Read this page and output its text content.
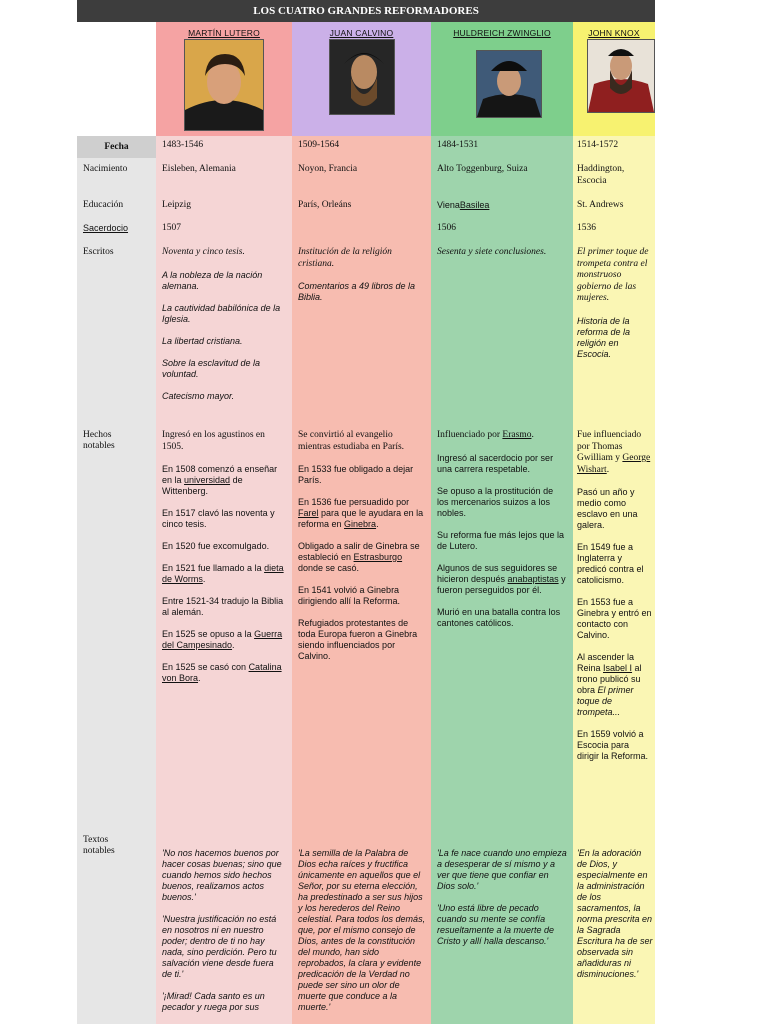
LOS CUATRO GRANDES REFORMADORES
Fecha
Nacimiento
Educación
Sacerdocio
Escritos
Hechos notables
Textos notables
MARTÍN LUTERO
1483-1546
Eisleben, Alemania
Leipzig
1507

Noventa y cinco tesis.

A la nobleza de la nación alemana.

La cautividad babilónica de la Iglesia.

La libertad cristiana.

Sobre la esclavitud de la voluntad.

Catecismo mayor.

Ingresó en los agustinos en 1505.

En 1508 comenzó a enseñar en la universidad de Wittenberg.

En 1517 clavó las noventa y cinco tesis.

En 1520 fue excomulgado.

En 1521 fue llamado a la dieta de Worms.

Entre 1521-34 tradujo la Biblia al alemán.

En 1525 se opuso a la Guerra del Campesinado.

En 1525 se casó con Catalina von Bora.

'No nos hacemos buenos por hacer cosas buenas; sino que cuando hemos sido hechos buenos, realizamos actos buenos.'

'Nuestra justificación no está en nosotros ni en nuestro poder; dentro de ti no hay nada, sino perdición. Pero tu salvación viene desde fuera de ti.'

'¡Mirad! Cada santo es un pecador y ruega por sus

JUAN CALVINO
1509-1564
Noyon, Francia
París, Orleáns

Institución de la religión cristiana.

Comentarios a 49 libros de la Biblia.

Se convirtió al evangelio mientras estudiaba en París.

En 1533 fue obligado a dejar París.

En 1536 fue persuadido por Farel para que le ayudara en la reforma en Ginebra.

Obligado a salir de Ginebra se estableció en Estrasburgo donde se casó.

En 1541 volvió a Ginebra dirigiendo allí la Reforma.

Refugiados protestantes de toda Europa fueron a Ginebra siendo influenciados por Calvino.

'La semilla de la Palabra de Dios echa raíces y fructifica únicamente en aquellos que el Señor, por su eterna elección, ha predestinado a ser sus hijos y los herederos del Reino celestial. Para todos los demás, que, por el mismo consejo de Dios, antes de la constitución del mundo, han sido reprobados, la clara y evidente predicación de la Verdad no puede ser sino un olor de muerte que conduce a la muerte.'

HULDREICH ZWINGLIO
1484-1531
Alto Toggenburg, Suiza
VienaBasilea
1506

Sesenta y siete conclusiones.

Influenciado por Erasmo.

Ingresó al sacerdocio por ser una carrera respetable.

Se opuso a la prostitución de los mercenarios suizos a los nobles.

Su reforma fue más lejos que la de Lutero.

Algunos de sus seguidores se hicieron después anabaptistas y fueron perseguidos por él.

Murió en una batalla contra los cantones católicos.

'La fe nace cuando uno empieza a desesperar de sí mismo y a ver que tiene que confiar en Dios solo.'

'Uno está libre de pecado cuando su mente se confía resueltamente a la muerte de Cristo y allí halla descanso.'

JOHN KNOX
1514-1572
Haddington, Escocia
St. Andrews
1536

El primer toque de trompeta contra el monstruoso gobierno de las mujeres.

Historia de la reforma de la religión en Escocia.

Fue influenciado por Thomas Gwilliam y George Wishart.

Pasó un año y medio como esclavo en una galera.

En 1549 fue a Inglaterra y predicó contra el catolicismo.

En 1553 fue a Ginebra y entró en contacto con Calvino.

Al ascender la Reina Isabel I al trono publicó su obra El primer toque de trompeta...

En 1559 volvió a Escocia para dirigir la Reforma.

'En la adoración de Dios, y especialmente en la administración de los sacramentos, la norma prescrita en la Sagrada Escritura ha de ser observada sin añadiduras ni disminuciones.'
